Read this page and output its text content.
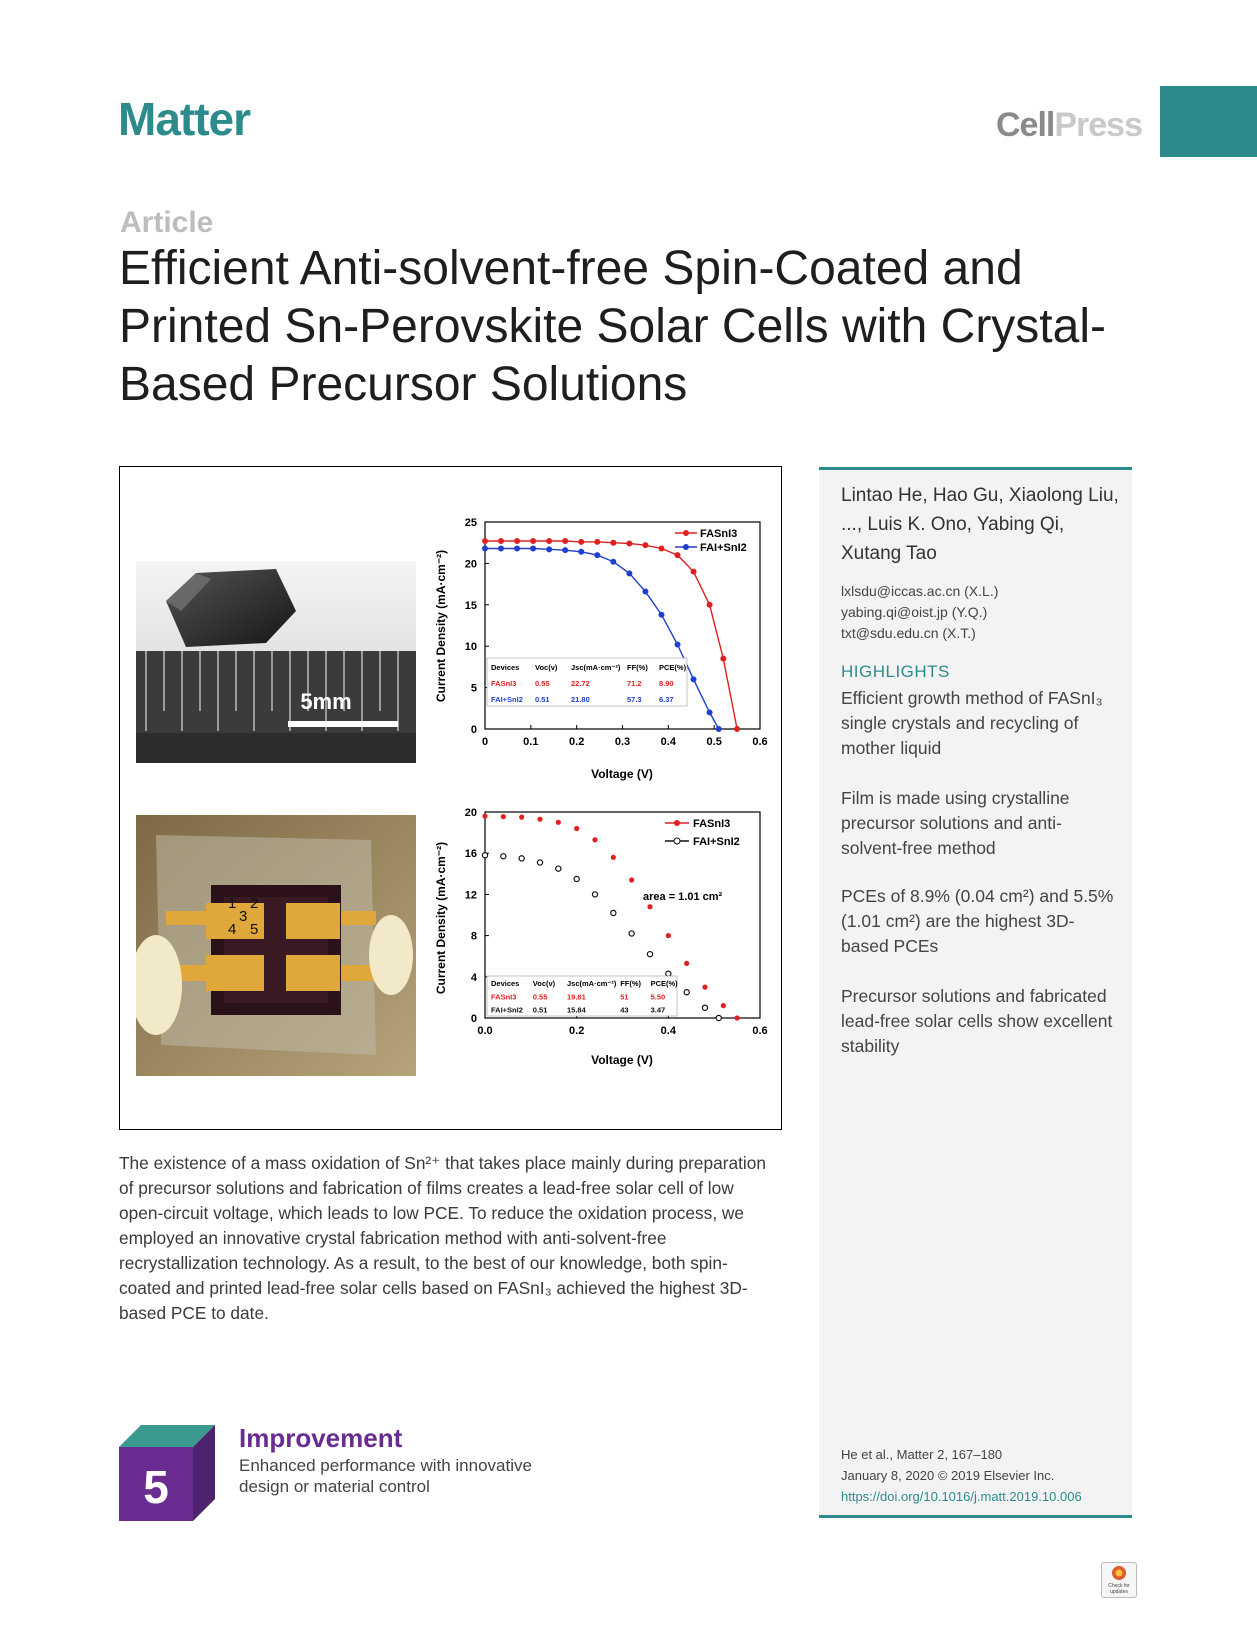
Matter	CellPress
Article
Efficient Anti-solvent-free Spin-Coated and
Printed Sn-Perovskite Solar Cells with Crystal-
Based Precursor Solutions
5mm
1 2
3
4 5
0	0.1	0.2	0.3	0.4	0.5	0.6
0
5
10
15
20
25
Voltage (V)
Current Density (mA·cm⁻²)
FASnI3
FAI+SnI2
Devices Voc(v) Jsc(mA·cm⁻²) FF(%) PCE(%)
FASnI3 0.55	22.72	71.2 8.90
FAI+SnI2 0.51	21.80	57.3 6.37
0.0	0.2	0.4	0.6
0
4
8
12
16
20
Voltage (V)
Current Density (mA·cm⁻²)	area = 1.01 cm²
FASnI3
FAI+SnI2
Devices Voc(v) Jsc(mA·cm⁻²) FF(%) PCE(%)
FASnI3 0.55	19.61	51	5.50
FAI+SnI2 0.51	15.84	43	3.47
Lintao He, Hao Gu, Xiaolong Liu, ..., Luis K. Ono, Yabing Qi, Xutang Tao
lxlsdu@iccas.ac.cn (X.L.)
yabing.qi@oist.jp (Y.Q.)
txt@sdu.edu.cn (X.T.)
HIGHLIGHTS
Efficient growth method of FASnI₃ single crystals and recycling of mother liquid
Film is made using crystalline precursor solutions and anti-solvent-free method
PCEs of 8.9% (0.04 cm²) and 5.5% (1.01 cm²) are the highest 3D-based PCEs
Precursor solutions and fabricated lead-free solar cells show excellent stability
He et al., Matter 2, 167–180
January 8, 2020 © 2019 Elsevier Inc.
https://doi.org/10.1016/j.matt.2019.10.006
The existence of a mass oxidation of Sn²⁺ that takes place mainly during preparation of precursor solutions and fabrication of films creates a lead-free solar cell of low open-circuit voltage, which leads to low PCE. To reduce the oxidation process, we employed an innovative crystal fabrication method with anti-solvent-free recrystallization technology. As a result, to the best of our knowledge, both spin-coated and printed lead-free solar cells based on FASnI₃ achieved the highest 3D-based PCE to date.
5
Improvement
Enhanced performance with innovative design or material control
Check for
updates
